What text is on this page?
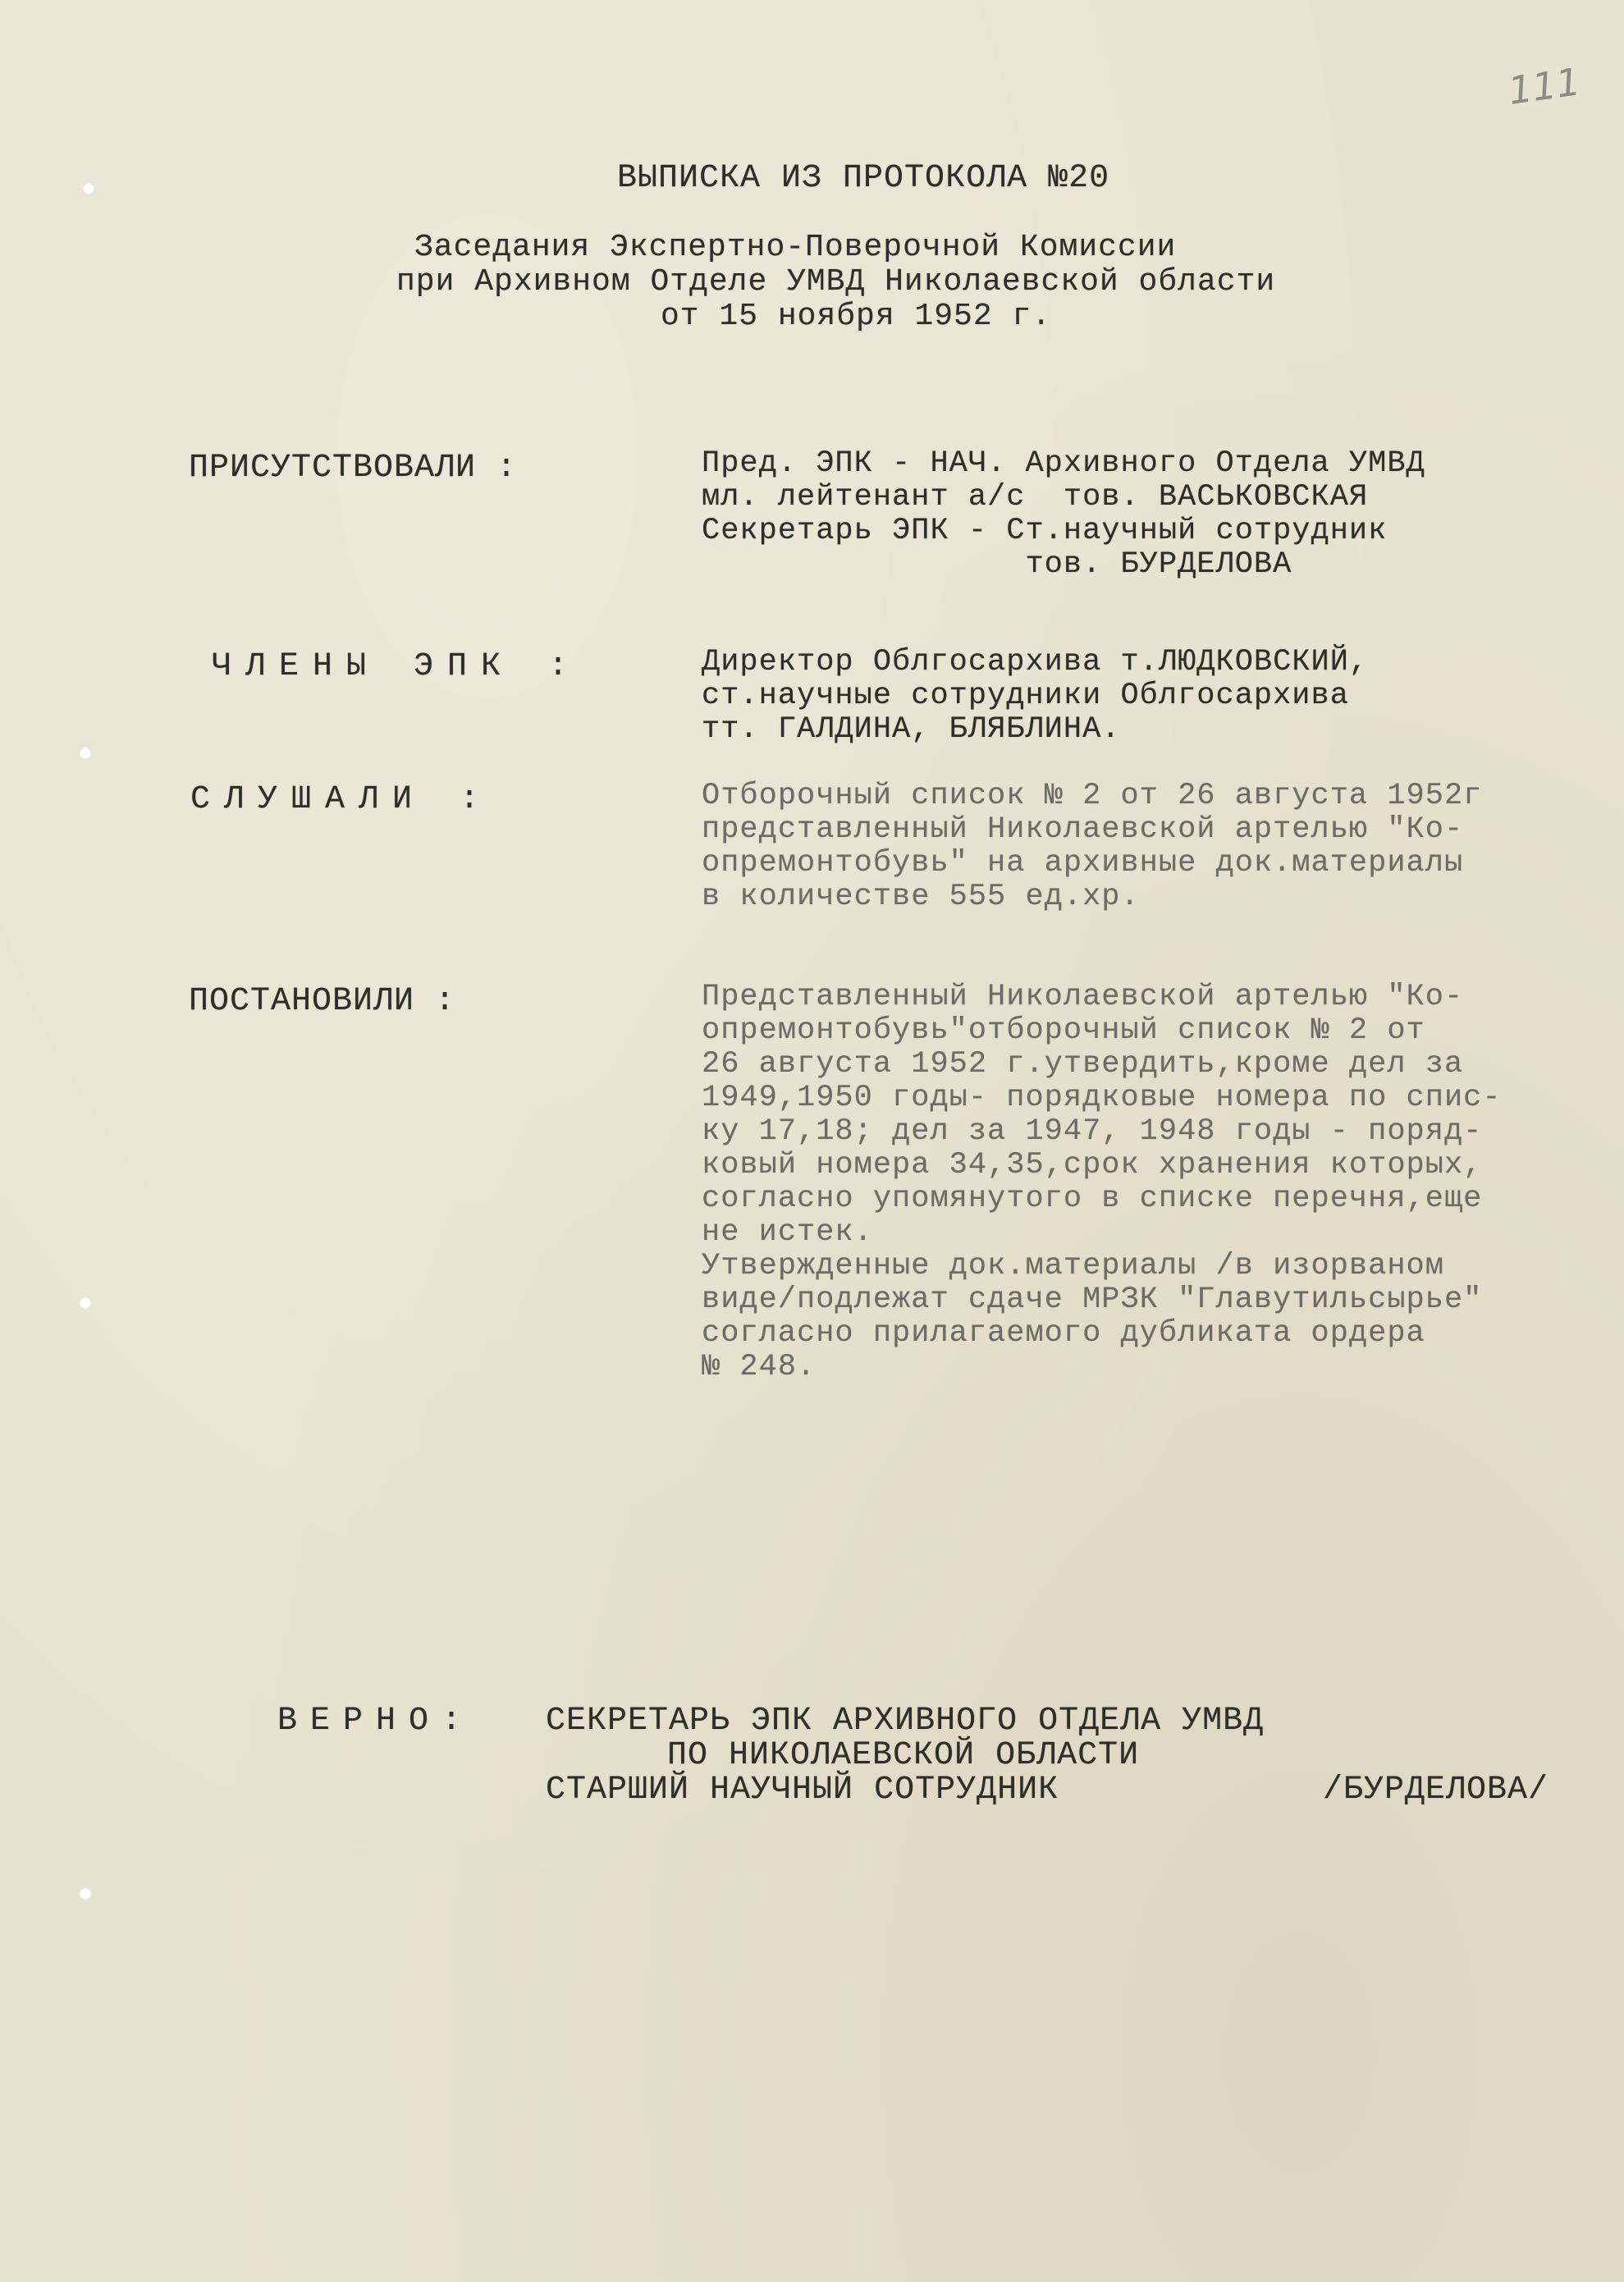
111
ВЫПИСКА ИЗ ПРОТОКОЛА №20
Заседания Экспертно-Поверочной Комиссии
при Архивном Отделе УМВД Николаевской области
от 15 ноября 1952 г.
ПРИСУТСТВОВАЛИ :	Пред. ЭПК - НАЧ. Архивного Отдела УМВД
мл. лейтенант а/с  тов. ВАСЬКОВСКАЯ
Секретарь ЭПК - Ст.научный сотрудник
тов. БУРДЕЛОВА
ЧЛЕНЫ ЭПК :	Директор Облгосархива т.ЛЮДКОВСКИЙ,
ст.научные сотрудники Облгосархива
тт. ГАЛДИНА, БЛЯБЛИНА.
СЛУШАЛИ :	Отборочный список № 2 от 26 августа 1952г
представленный Николаевской артелью "Ко-
опремонтобувь" на архивные док.материалы
в количестве 555 ед.хр.
ПОСТАНОВИЛИ :	Представленный Николаевской артелью "Ко-
опремонтобувь"отборочный список № 2 от
26 августа 1952 г.утвердить,кроме дел за
1949,1950 годы- порядковые номера по спис-
ку 17,18; дел за 1947, 1948 годы - поряд-
ковый номера 34,35,срок хранения которых,
согласно упомянутого в списке перечня,еще
не истек.
Утвержденные док.материалы /в изорваном
виде/подлежат сдаче МРЗК "Главутильсырье"
согласно прилагаемого дубликата ордера
№ 248.
ВЕРНО: СЕКРЕТАРЬ ЭПК АРХИВНОГО ОТДЕЛА УМВД
ПО НИКОЛАЕВСКОЙ ОБЛАСТИ
СТАРШИЙ НАУЧНЫЙ СОТРУДНИК	/БУРДЕЛОВА/
